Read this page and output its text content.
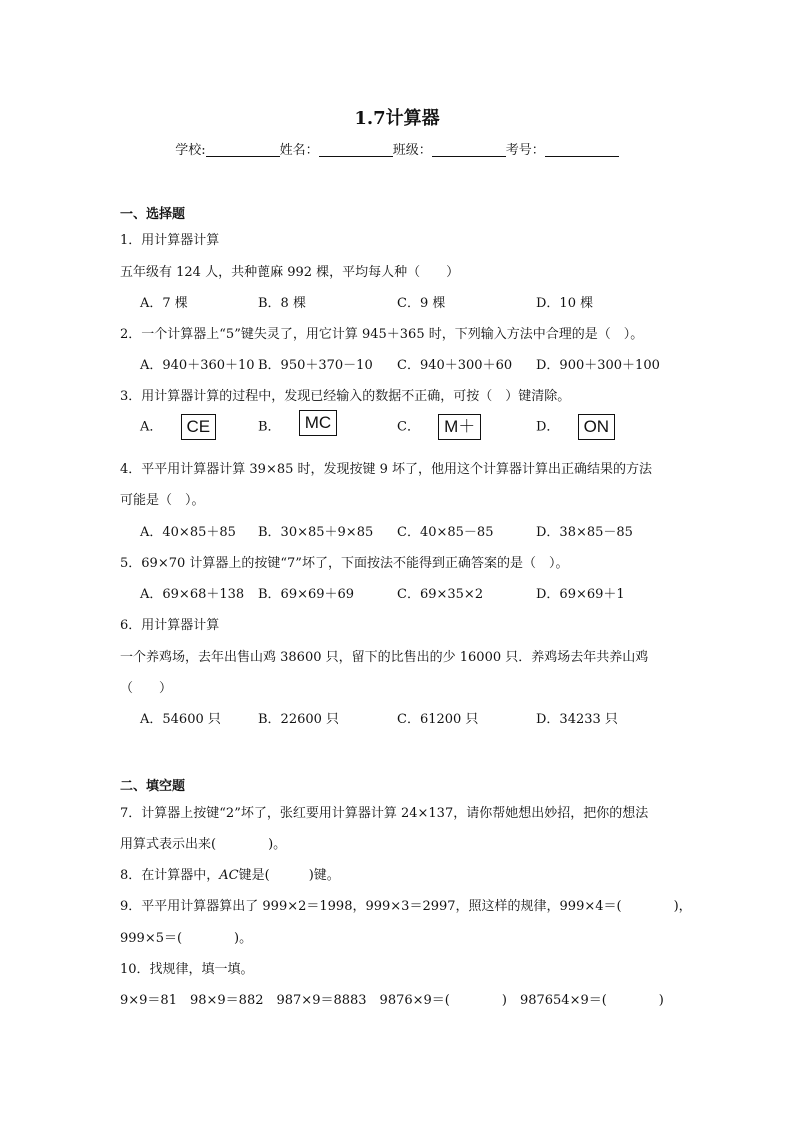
1.7计算器
学校:	姓名：	班级：	考号：
一、选择题
1．用计算器计算
五年级有 124 人，共种蓖麻 992 棵，平均每人种（　　）
A．7 棵	B．8 棵	C．9 棵	D．10 棵
2．一个计算器上“5”键失灵了，用它计算 945＋365 时，下列输入方法中合理的是（　）。
A．940＋360＋10 B．950＋370－10 C．940＋300＋60 D．900＋300＋100
3．用计算器计算的过程中，发现已经输入的数据不正确，可按（　）键清除。
A． CE	B． MC	C． M＋	D． ON
4．平平用计算器计算 39×85 时，发现按键 9 坏了，他用这个计算器计算出正确结果的方法
可能是（　）。
A．40×85＋85 B．30×85＋9×85 C．40×85－85	D．38×85－85
5．69×70 计算器上的按键“7”坏了，下面按法不能得到正确答案的是（　）。
A．69×68＋138 B．69×69＋69	C．69×35×2	D．69×69＋1
6．用计算器计算
一个养鸡场，去年出售山鸡 38600 只，留下的比售出的少 16000 只．养鸡场去年共养山鸡
（　　）
A．54600 只	B．22600 只	C．61200 只	D．34233 只
二、填空题
7．计算器上按键“2”坏了，张红要用计算器计算 24×137，请你帮她想出妙招，把你的想法
用算式表示出来(　　　　)。
8．在计算器中，AC键是(　　　)键。
9．平平用计算器算出了 999×2＝1998，999×3＝2997，照这样的规律，999×4＝(　　　　)，
999×5＝(　　　　)。
10．找规律，填一填。
9×9＝81　98×9＝882　987×9＝8883　9876×9＝(　　　　)　987654×9＝(　　　　)
